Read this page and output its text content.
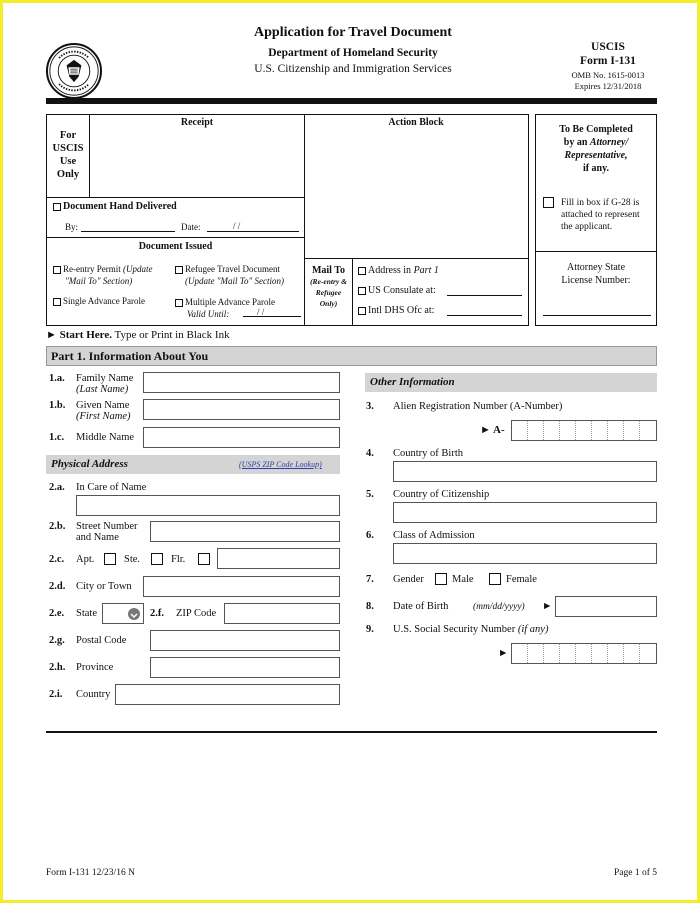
Application for Travel Document
Department of Homeland Security
U.S. Citizenship and Immigration Services
USCIS
Form I-131
OMB No. 1615-0013
Expires 12/31/2018
For
USCIS
Use
Only
Receipt	Action Block
Document Hand Delivered
By:	Date:	/ /
Document Issued
Re-entry Permit (Update
"Mail To" Section)
Refugee Travel Document
(Update "Mail To" Section)
Single Advance Parole	Multiple Advance Parole
Valid Until:	/ /
Mail To
(Re-entry &
Refugee
Only)
Address in Part 1
US Consulate at:
Intl DHS Ofc at:
To Be Completed
by an Attorney/
Representative,
if any.
Fill in box if G-28 is
attached to represent
the applicant.
Attorney State
License Number:
► Start Here. Type or Print in Black Ink
Part 1. Information About You
1.a. Family Name
(Last Name)
1.b. Given Name
(First Name)
1.c. Middle Name
Physical Address	(USPS ZIP Code Lookup)
2.a. In Care of Name
2.b. Street Number
and Name
2.c. Apt.	Ste.	Flr.
2.d. City or Town
2.e. State	2.f. ZIP Code
2.g. Postal Code
2.h. Province
2.i. Country
Other Information
3. Alien Registration Number (A-Number)
► A-
4. Country of Birth
5. Country of Citizenship
6. Class of Admission
7. Gender	Male	Female
8. Date of Birth	(mm/dd/yyyy) ►
9. U.S. Social Security Number (if any)
►
Form I-131 12/23/16 N	Page 1 of 5
